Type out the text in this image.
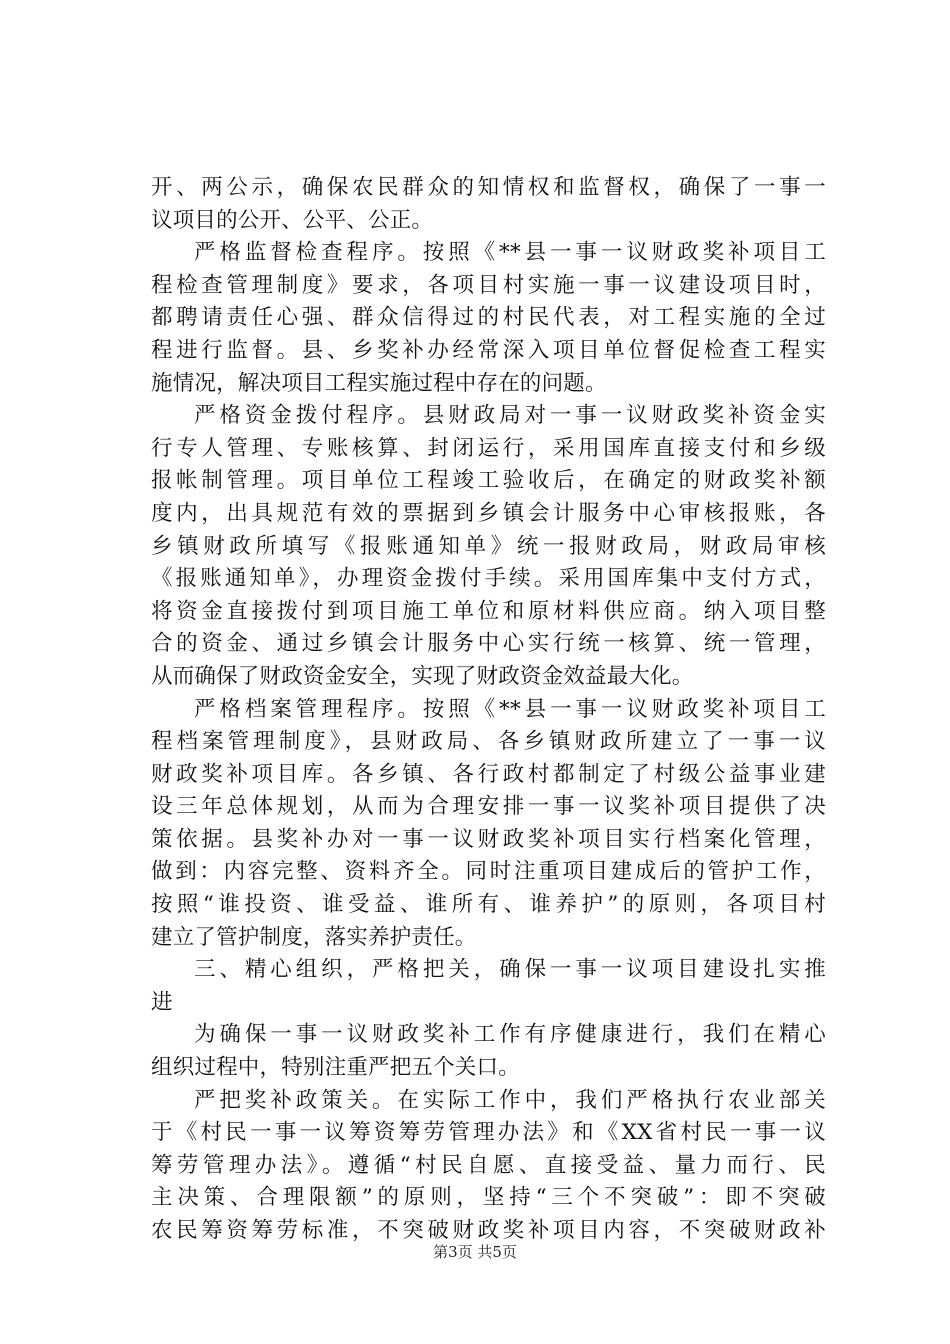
开、两公示，确保农民群众的知情权和监督权，确保了一事一
议项目的公开、公平、公正。
严格监督检查程序。按照《**县一事一议财政奖补项目工
程检查管理制度》要求，各项目村实施一事一议建设项目时，
都聘请责任心强、群众信得过的村民代表，对工程实施的全过
程进行监督。县、乡奖补办经常深入项目单位督促检查工程实
施情况，解决项目工程实施过程中存在的问题。
严格资金拨付程序。县财政局对一事一议财政奖补资金实
行专人管理、专账核算、封闭运行，采用国库直接支付和乡级
报帐制管理。项目单位工程竣工验收后，在确定的财政奖补额
度内，出具规范有效的票据到乡镇会计服务中心审核报账，各
乡镇财政所填写《报账通知单》统一报财政局，财政局审核
《报账通知单》，办理资金拨付手续。采用国库集中支付方式，
将资金直接拨付到项目施工单位和原材料供应商。纳入项目整
合的资金、通过乡镇会计服务中心实行统一核算、统一管理，
从而确保了财政资金安全，实现了财政资金效益最大化。
严格档案管理程序。按照《**县一事一议财政奖补项目工
程档案管理制度》，县财政局、各乡镇财政所建立了一事一议
财政奖补项目库。各乡镇、各行政村都制定了村级公益事业建
设三年总体规划，从而为合理安排一事一议奖补项目提供了决
策依据。县奖补办对一事一议财政奖补项目实行档案化管理，
做到：内容完整、资料齐全。同时注重项目建成后的管护工作，
按照“谁投资、谁受益、谁所有、谁养护”的原则，各项目村
建立了管护制度，落实养护责任。
三、精心组织，严格把关，确保一事一议项目建设扎实推
进
为确保一事一议财政奖补工作有序健康进行，我们在精心
组织过程中，特别注重严把五个关口。
严把奖补政策关。在实际工作中，我们严格执行农业部关
于《村民一事一议筹资筹劳管理办法》和《XX省村民一事一议
筹劳管理办法》。遵循“村民自愿、直接受益、量力而行、民
主决策、合理限额”的原则，坚持“三个不突破”：即不突破
农民筹资筹劳标准，不突破财政奖补项目内容，不突破财政补
第3页 共5页
